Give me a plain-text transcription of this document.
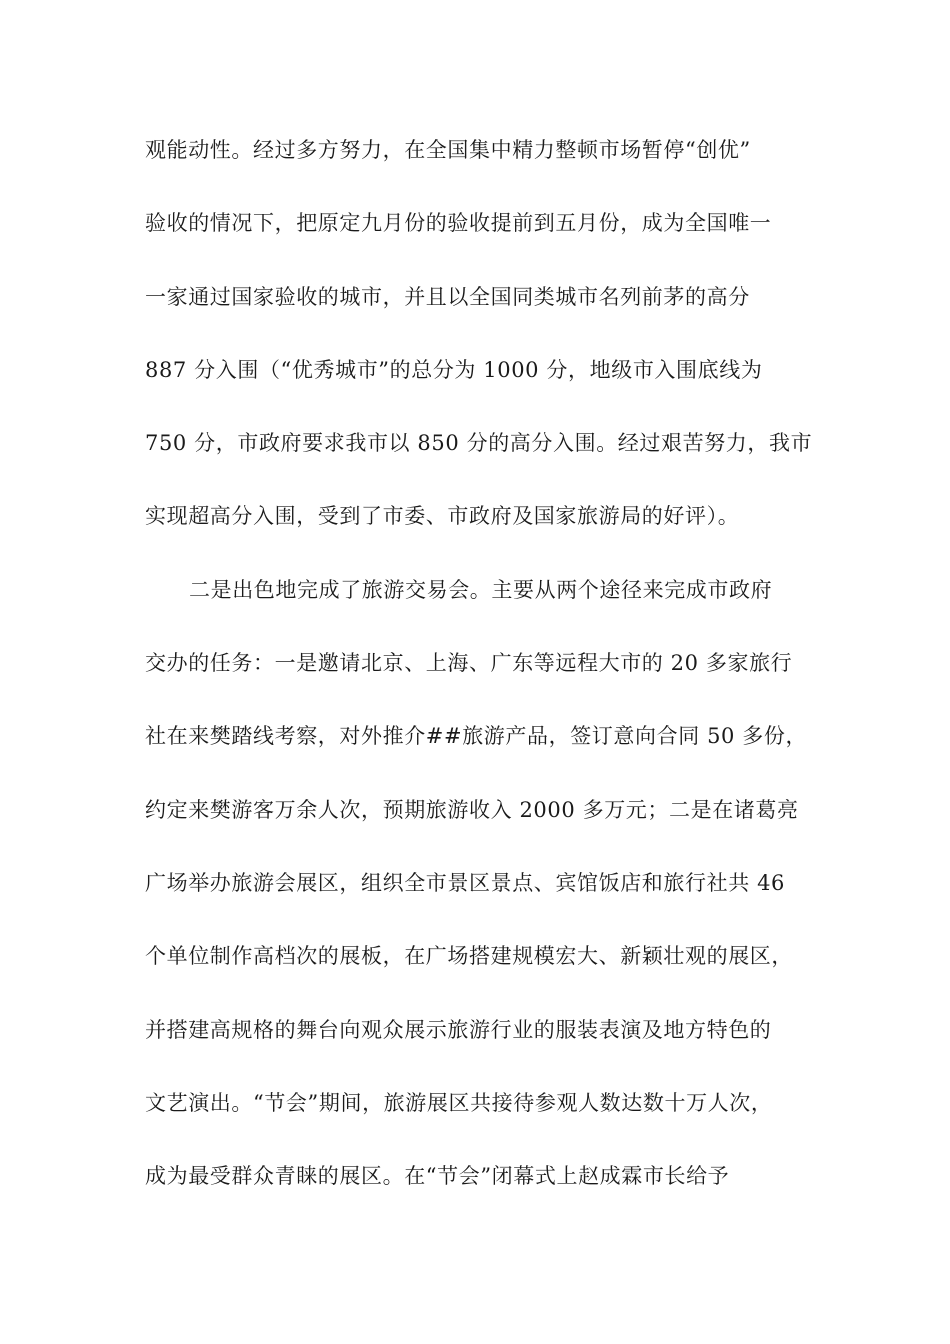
观能动性。经过多方努力，在全国集中精力整顿市场暂停“创优”
验收的情况下，把原定九月份的验收提前到五月份，成为全国唯一
一家通过国家验收的城市，并且以全国同类城市名列前茅的高分
887 分入围（“优秀城市”的总分为 1000 分，地级市入围底线为
750 分，市政府要求我市以 850 分的高分入围。经过艰苦努力，我市
实现超高分入围，受到了市委、市政府及国家旅游局的好评）。
二是出色地完成了旅游交易会。主要从两个途径来完成市政府
交办的任务：一是邀请北京、上海、广东等远程大市的 20 多家旅行
社在来樊踏线考察，对外推介##旅游产品，签订意向合同 50 多份，
约定来樊游客万余人次，预期旅游收入 2000 多万元；二是在诸葛亮
广场举办旅游会展区，组织全市景区景点、宾馆饭店和旅行社共 46
个单位制作高档次的展板，在广场搭建规模宏大、新颖壮观的展区，
并搭建高规格的舞台向观众展示旅游行业的服装表演及地方特色的
文艺演出。“节会”期间，旅游展区共接待参观人数达数十万人次，
成为最受群众青睐的展区。在“节会”闭幕式上赵成霖市长给予
